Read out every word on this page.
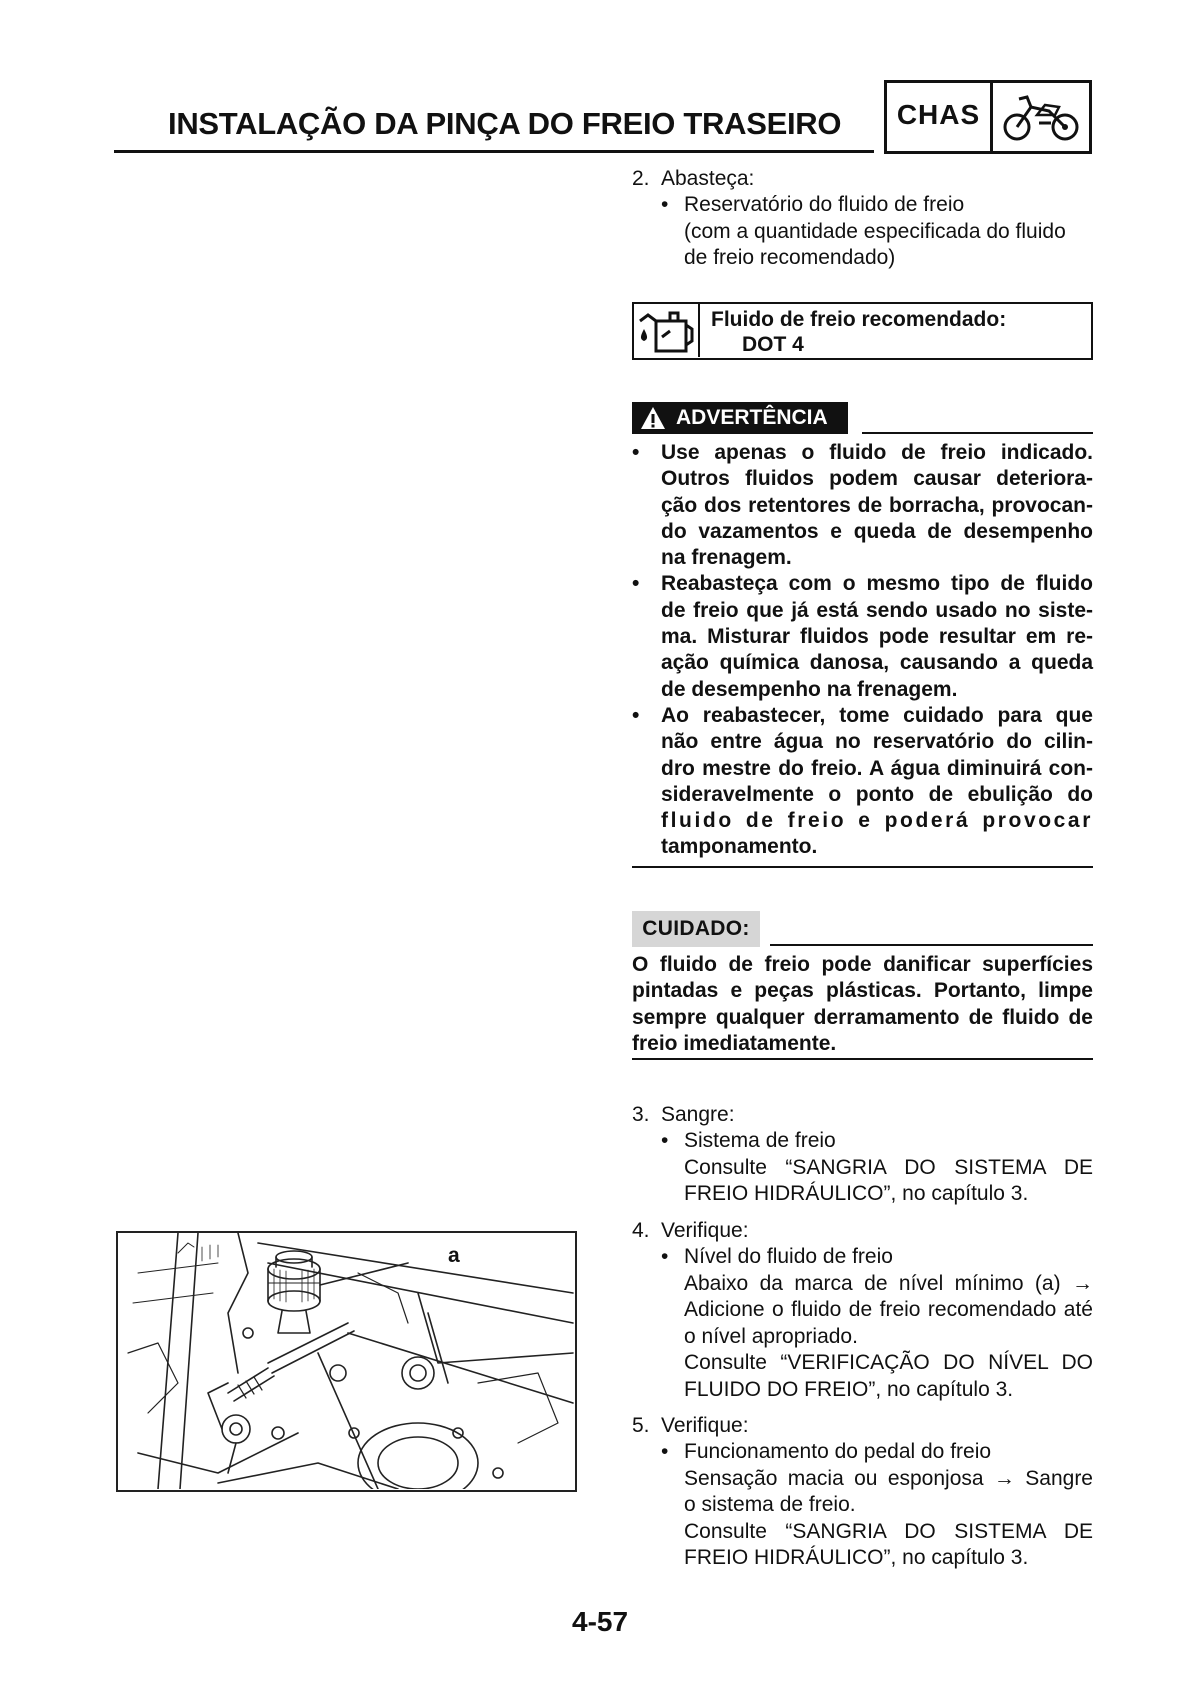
INSTALAÇÃO DA PINÇA DO FREIO TRASEIRO	CHAS
2. Abasteça:
• Reservatório do fluido de freio
(com a quantidade especificada do fluido
de freio recomendado)
Fluido de freio recomendado:
DOT 4
ADVERTÊNCIA
• Use apenas o fluido de freio indicado.
Outros fluidos podem causar deteriora-
ção dos retentores de borracha, provocan-
do vazamentos e queda de desempenho
na frenagem.
• Reabasteça com o mesmo tipo de fluido
de freio que já está sendo usado no siste-
ma. Misturar fluidos pode resultar em re-
ação química danosa, causando a queda
de desempenho na frenagem.
• Ao reabastecer, tome cuidado para que
não entre água no reservatório do cilin-
dro mestre do freio. A água diminuirá con-
sideravelmente o ponto de ebulição do
fluido de freio e poderá provocar
tamponamento.
CUIDADO:
O fluido de freio pode danificar superfícies
pintadas e peças plásticas. Portanto, limpe
sempre qualquer derramamento de fluido de
freio imediatamente.
3. Sangre:
• Sistema de freio
Consulte “SANGRIA DO SISTEMA DE
FREIO HIDRÁULICO”, no capítulo 3.
4. Verifique:
• Nível do fluido de freio
Abaixo da marca de nível mínimo (a) →
Adicione o fluido de freio recomendado até
o nível apropriado.
Consulte “VERIFICAÇÃO DO NÍVEL DO
FLUIDO DO FREIO”, no capítulo 3.
5. Verifique:
• Funcionamento do pedal do freio
Sensação macia ou esponjosa → Sangre
o sistema de freio.
Consulte “SANGRIA DO SISTEMA DE
FREIO HIDRÁULICO”, no capítulo 3.
a
4-57
